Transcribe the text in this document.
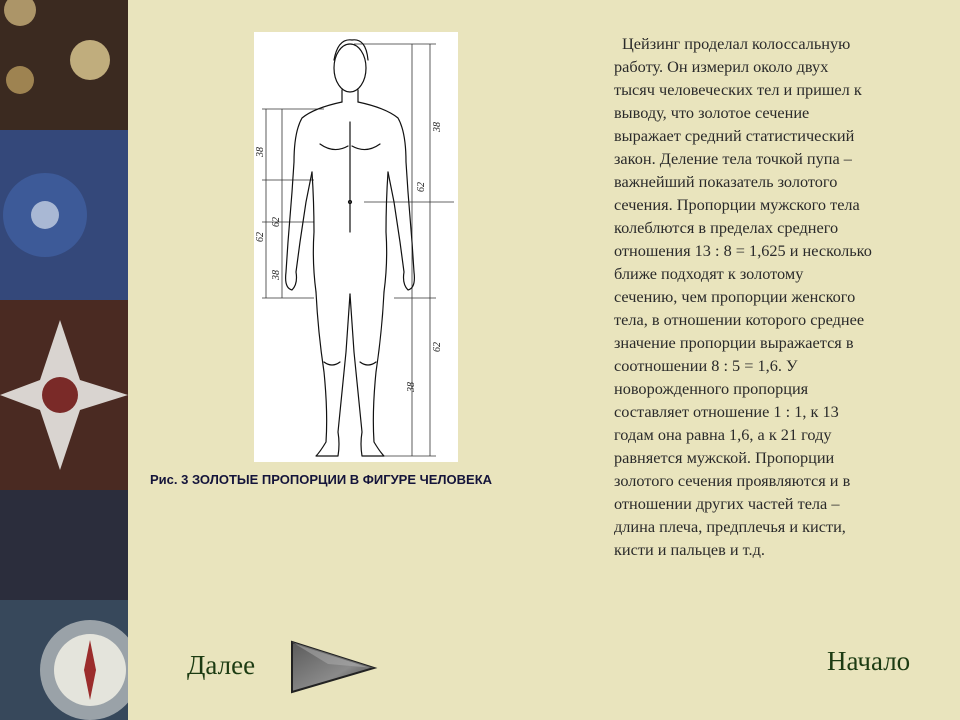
38
62
62
38
38
62
62
38
Рис. 3 ЗОЛОТЫЕ ПРОПОРЦИИ В ФИГУРЕ ЧЕЛОВЕКА
Цейзинг проделал колоссальную
работу. Он измерил около двух
тысяч человеческих тел и пришел к
выводу, что золотое сечение
выражает средний статистический
закон. Деление тела точкой пупа –
важнейший показатель золотого
сечения. Пропорции мужского тела
колеблются в пределах среднего
отношения 13 : 8 = 1,625 и несколько
ближе подходят к золотому
сечению, чем пропорции женского
тела, в отношении которого среднее
значение пропорции выражается в
соотношении 8 : 5 = 1,6. У
новорожденного пропорция
составляет отношение 1 : 1, к 13
годам она равна 1,6, а к 21 году
равняется мужской. Пропорции
золотого сечения проявляются и в
отношении других частей тела –
длина плеча, предплечья и кисти,
кисти и пальцев и т.д.
Далее	Начало
